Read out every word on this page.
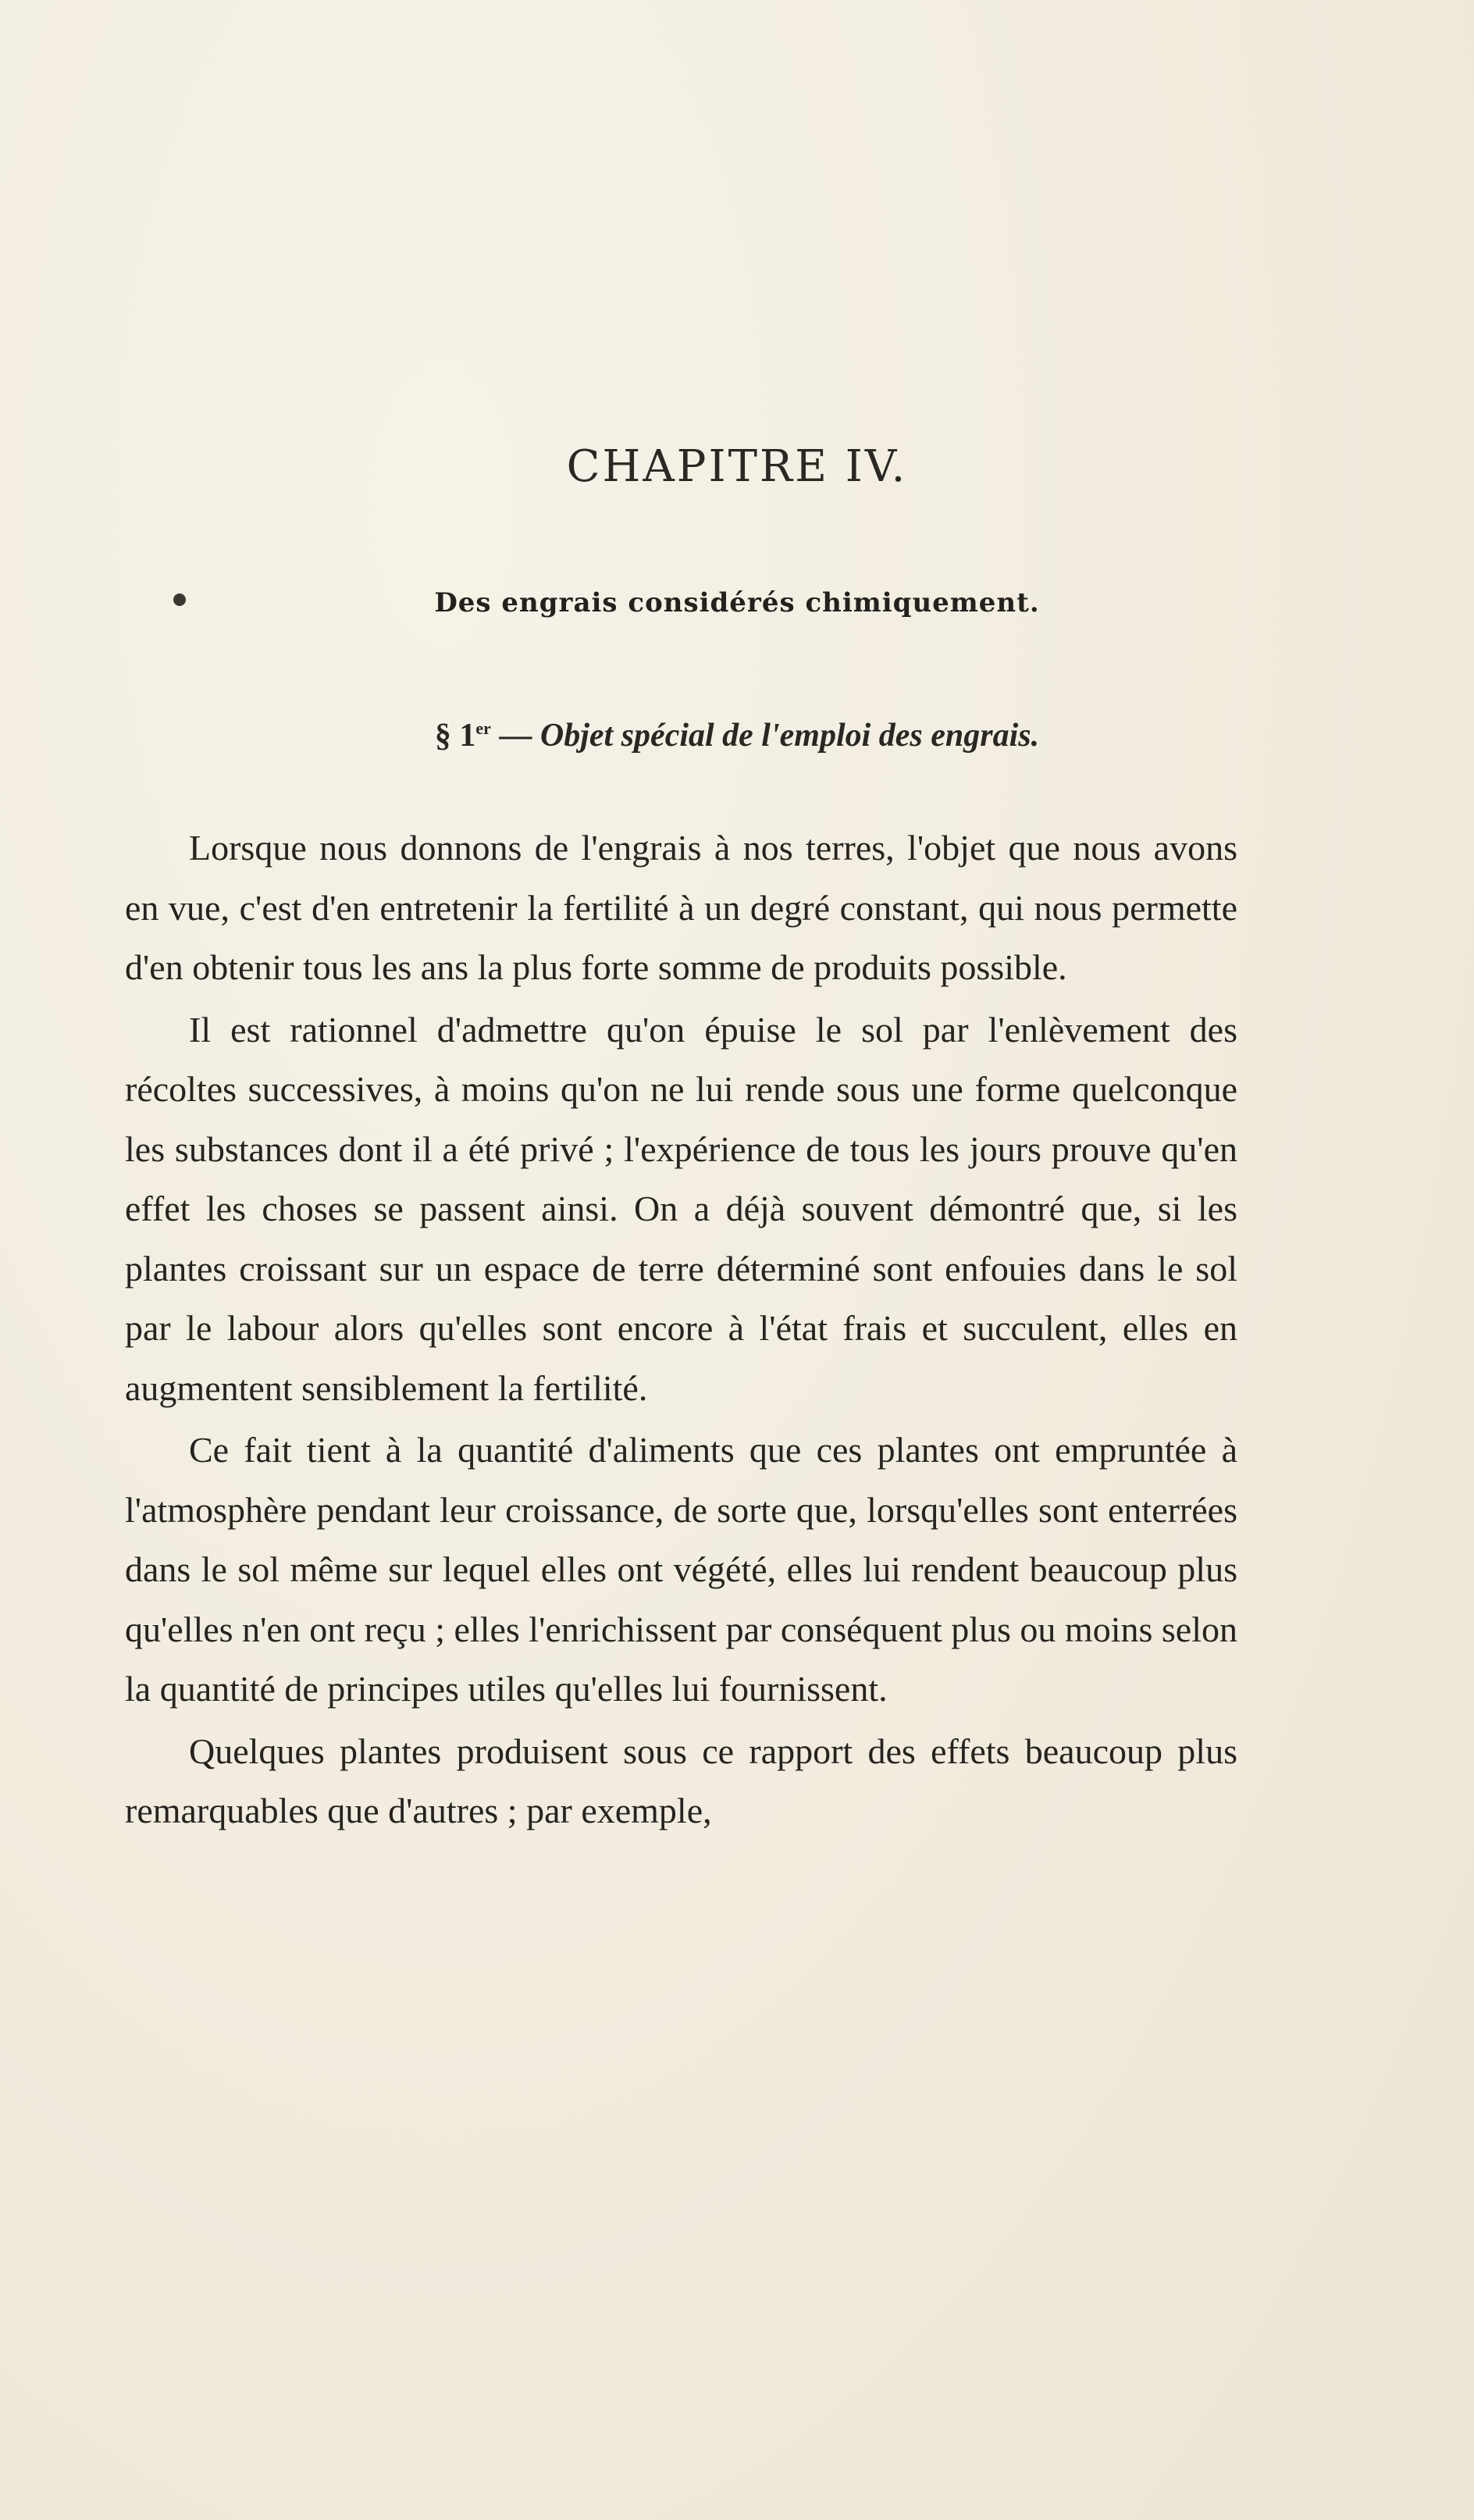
CHAPITRE IV.
Des engrais considérés chimiquement.
§ 1er — Objet spécial de l'emploi des engrais.

Lorsque nous donnons de l'engrais à nos terres, l'objet que nous avons en vue, c'est d'en entretenir la fertilité à un degré constant, qui nous permette d'en obtenir tous les ans la plus forte somme de produits possible.

Il est rationnel d'admettre qu'on épuise le sol par l'enlèvement des récoltes successives, à moins qu'on ne lui rende sous une forme quelconque les substances dont il a été privé ; l'expérience de tous les jours prouve qu'en effet les choses se passent ainsi. On a déjà souvent démontré que, si les plantes croissant sur un espace de terre déterminé sont enfouies dans le sol par le labour alors qu'elles sont encore à l'état frais et succulent, elles en augmentent sensiblement la fertilité.

Ce fait tient à la quantité d'aliments que ces plantes ont empruntée à l'atmosphère pendant leur croissance, de sorte que, lorsqu'elles sont enterrées dans le sol même sur lequel elles ont végété, elles lui rendent beaucoup plus qu'elles n'en ont reçu ; elles l'enrichissent par conséquent plus ou moins selon la quantité de principes utiles qu'elles lui fournissent.

Quelques plantes produisent sous ce rapport des effets beaucoup plus remarquables que d'autres ; par exemple,
